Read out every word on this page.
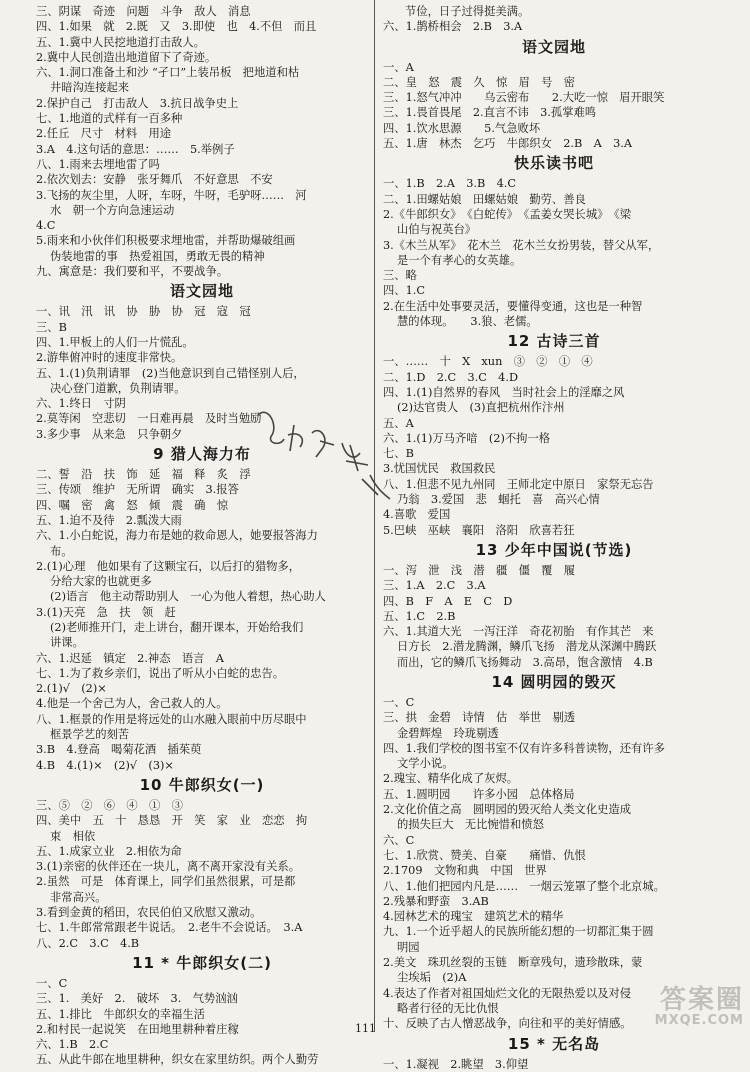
三、阴谋　奇迹　问题　斗争　敌人　消息
四、1.如果　就　2.既　又　3.即使　也　4.不但　而且
五、1.冀中人民挖地道打击敌人。
2.冀中人民创造出地道留下了奇迹。
六、1.洞口准备土和沙 “孑口”上装吊板　把地道和枯
井暗沟连接起来
2.保护自己　打击敌人　3.抗日战争史上
七、1.地道的式样有一百多种
2.任丘　尺寸　材料　用途
3.A　4.这句话的意思：……　5.举例子
八、1.雨来去埋地雷了吗
2.依次划去：安静　张牙舞爪　不好意思　不安
3.飞扬的灰尘里，人呀，车呀，牛呀，毛驴呀……　河
水　朝一个方向急速运动
4.C
5.雨来和小伙伴们积极要求埋地雷，并帮助爆破组画
伪装地雷的事　热爱祖国，勇敢无畏的精神
九、寓意是：我们要和平，不要战争。
语文园地
一、讯　汛　讯　协　胁　协　冠　寇　冠
三、B
四、1.甲板上的人们一片慌乱。
2.游隼俯冲时的速度非常快。
五、1.(1)负荆请罪　(2)当他意识到自己错怪别人后，
决心登门道歉，负荆请罪。
六、1.终日　寸阴
2.莫等闲　空悲切　一日难再晨　及时当勉励
3.多少事　从来急　只争朝夕
9 猎人海力布
二、誓　沿　扶　饰　延　福　释　炙　浮
三、传颂　维护　无所谓　确实　3.报答
四、嘱　密　禽　怒　倾　震　确　惊
五、1.迫不及待　2.瓢泼大雨
六、1.小白蛇说，海力布是她的救命恩人，她要报答海力
布。
2.(1)心理　他如果有了这颗宝石，以后打的猎物多，
分给大家的也就更多
(2)语言　他主动帮助别人　一心为他人着想，热心助人
3.(1)天亮　急　扶　领　赶
(2)老师推开门，走上讲台，翻开课本，开始给我们
讲课。
六、1.迟延　镇定　2.神态　语言　A
七、1.为了救乡亲们，说出了听从小白蛇的忠告。
2.(1)√　(2)×
4.他是一个舍己为人，舍己救人的人。
八、1.框景的作用是将远处的山水融入眼前中历尽眼中
框景学艺的刻苦
3.B　4.登高　喝菊花酒　插茱萸
4.B　4.(1)×　(2)√　(3)×
10 牛郎织女(一)
三、⑤　②　⑥　④　①　③
四、美中　五　十　恳恳　开　笑　家　业　恋恋　拘
束　相依
五、1.成家立业　2.相依为命
3.(1)亲密的伙伴还在一块儿，离不离开家没有关系。
2.虽然　可是　体育课上，同学们虽然很累，可是都
非常高兴。
3.看到金黄的稻田，农民伯伯又欣慰又激动。
七、1.牛郎常常跟老牛说话。　2.老牛不会说话。　3.A
八、2.C　3.C　4.B
11 * 牛郎织女(二)
一、C
三、1.　美好　2.　破坏　3.　气势汹汹
五、1.排比　牛郎织女的幸福生活
2.和村民一起说笑　在田地里耕种着庄稼
六、1.B　2.C
五、从此牛郎在地里耕种，织女在家里纺织。两个人勤劳
节俭，日子过得挺美满。
六、1.鹊桥相会　2.B　3.A
语文园地
一、A
二、皇　怒　震　久　惊　眉　号　密
三、1.怒气冲冲　　乌云密布　　2.大吃一惊　眉开眼笑
三、1.畏首畏尾　2.直言不讳　3.孤掌难鸣
四、1.饮水思源　　5.气急败坏
五、1.唐　林杰　乞巧　牛郎织女　2.B　A　3.A
快乐读书吧
一、1.B　2.A　3.B　4.C
二、1.田螺姑娘　田螺姑娘　勤劳、善良
2.《牛郎织女》　《白蛇传》　《孟姜女哭长城》　《梁
山伯与祝英台》
3.《木兰从军》　花木兰　花木兰女扮男装，替父从军，
是一个有孝心的女英雄。
三、略
四、1.C
2.在生活中处事要灵活，要懂得变通，这也是一种智
慧的体现。　　3.狼、老儒。
12 古诗三首
一、……　十　X　xun　③　②　①　④
二、1.D　2.C　3.C　4.D
四、1.(1)自然界的春风　当时社会上的淫靡之风
(2)达官贵人　(3)直把杭州作汴州
五、A
六、1.(1)万马齐喑　(2)不拘一格
七、B
3.忧国忧民　救国救民
八、1.但悲不见九州同　王师北定中原日　家祭无忘告
乃翁　3.爱国　悲　蝈托　喜　高兴心情
4.喜歌　爱国
5.巴峡　巫峡　襄阳　洛阳　欣喜若狂
13 少年中国说(节选)
一、泻　泄　浅　潜　疆　僵　覆　履
三、1.A　2.C　3.A
四、B　F　A　E　C　D
五、1.C　2.B
六、1.其道大光　一泻汪洋　奇花初胎　有作其芒　来
日方长　2.潜龙腾渊，鳞爪飞扬　潜龙从深渊中腾跃
而出，它的鳞爪飞扬舞动　3.高昂，饱含激情　4.B
14 圆明园的毁灭
一、C
三、拱　金碧　诗情　估　举世　剔透
金碧辉煌　玲珑剔透
四、1.我们学校的图书室不仅有许多科普读物，还有许多
文学小说。
2.瑰宝、精华化成了灰烬。
五、1.圆明园　　许多小园　总体格局
2.文化价值之高　圆明园的毁灭给人类文化史造成
的损失巨大　无比惋惜和愤怒
六、C
七、1.欣赏、赞美、自豪　　痛惜、仇恨
2.1709　文物和典　中国　世界
八、1.他们把园内凡是……　一烟云笼罩了整个北京城。
2.残暴和野蛮　3.AB
4.园林艺术的瑰宝　建筑艺术的精华
九、1.一个近乎超人的民族所能幻想的一切都汇集于圆
明园
2.美文　珠玑丝裂的玉链　断章残句，遗珍散珠，蒙
尘埃垢　(2)A
4.表达了作者对祖国灿烂文化的无限热爱以及对侵
略者行径的无比仇恨
十、反映了古人憎恶战争，向往和平的美好情感。
15 * 无名岛
一、1.凝视　2.眺望　3.仰望
答案圈
MXQE.COM
111
